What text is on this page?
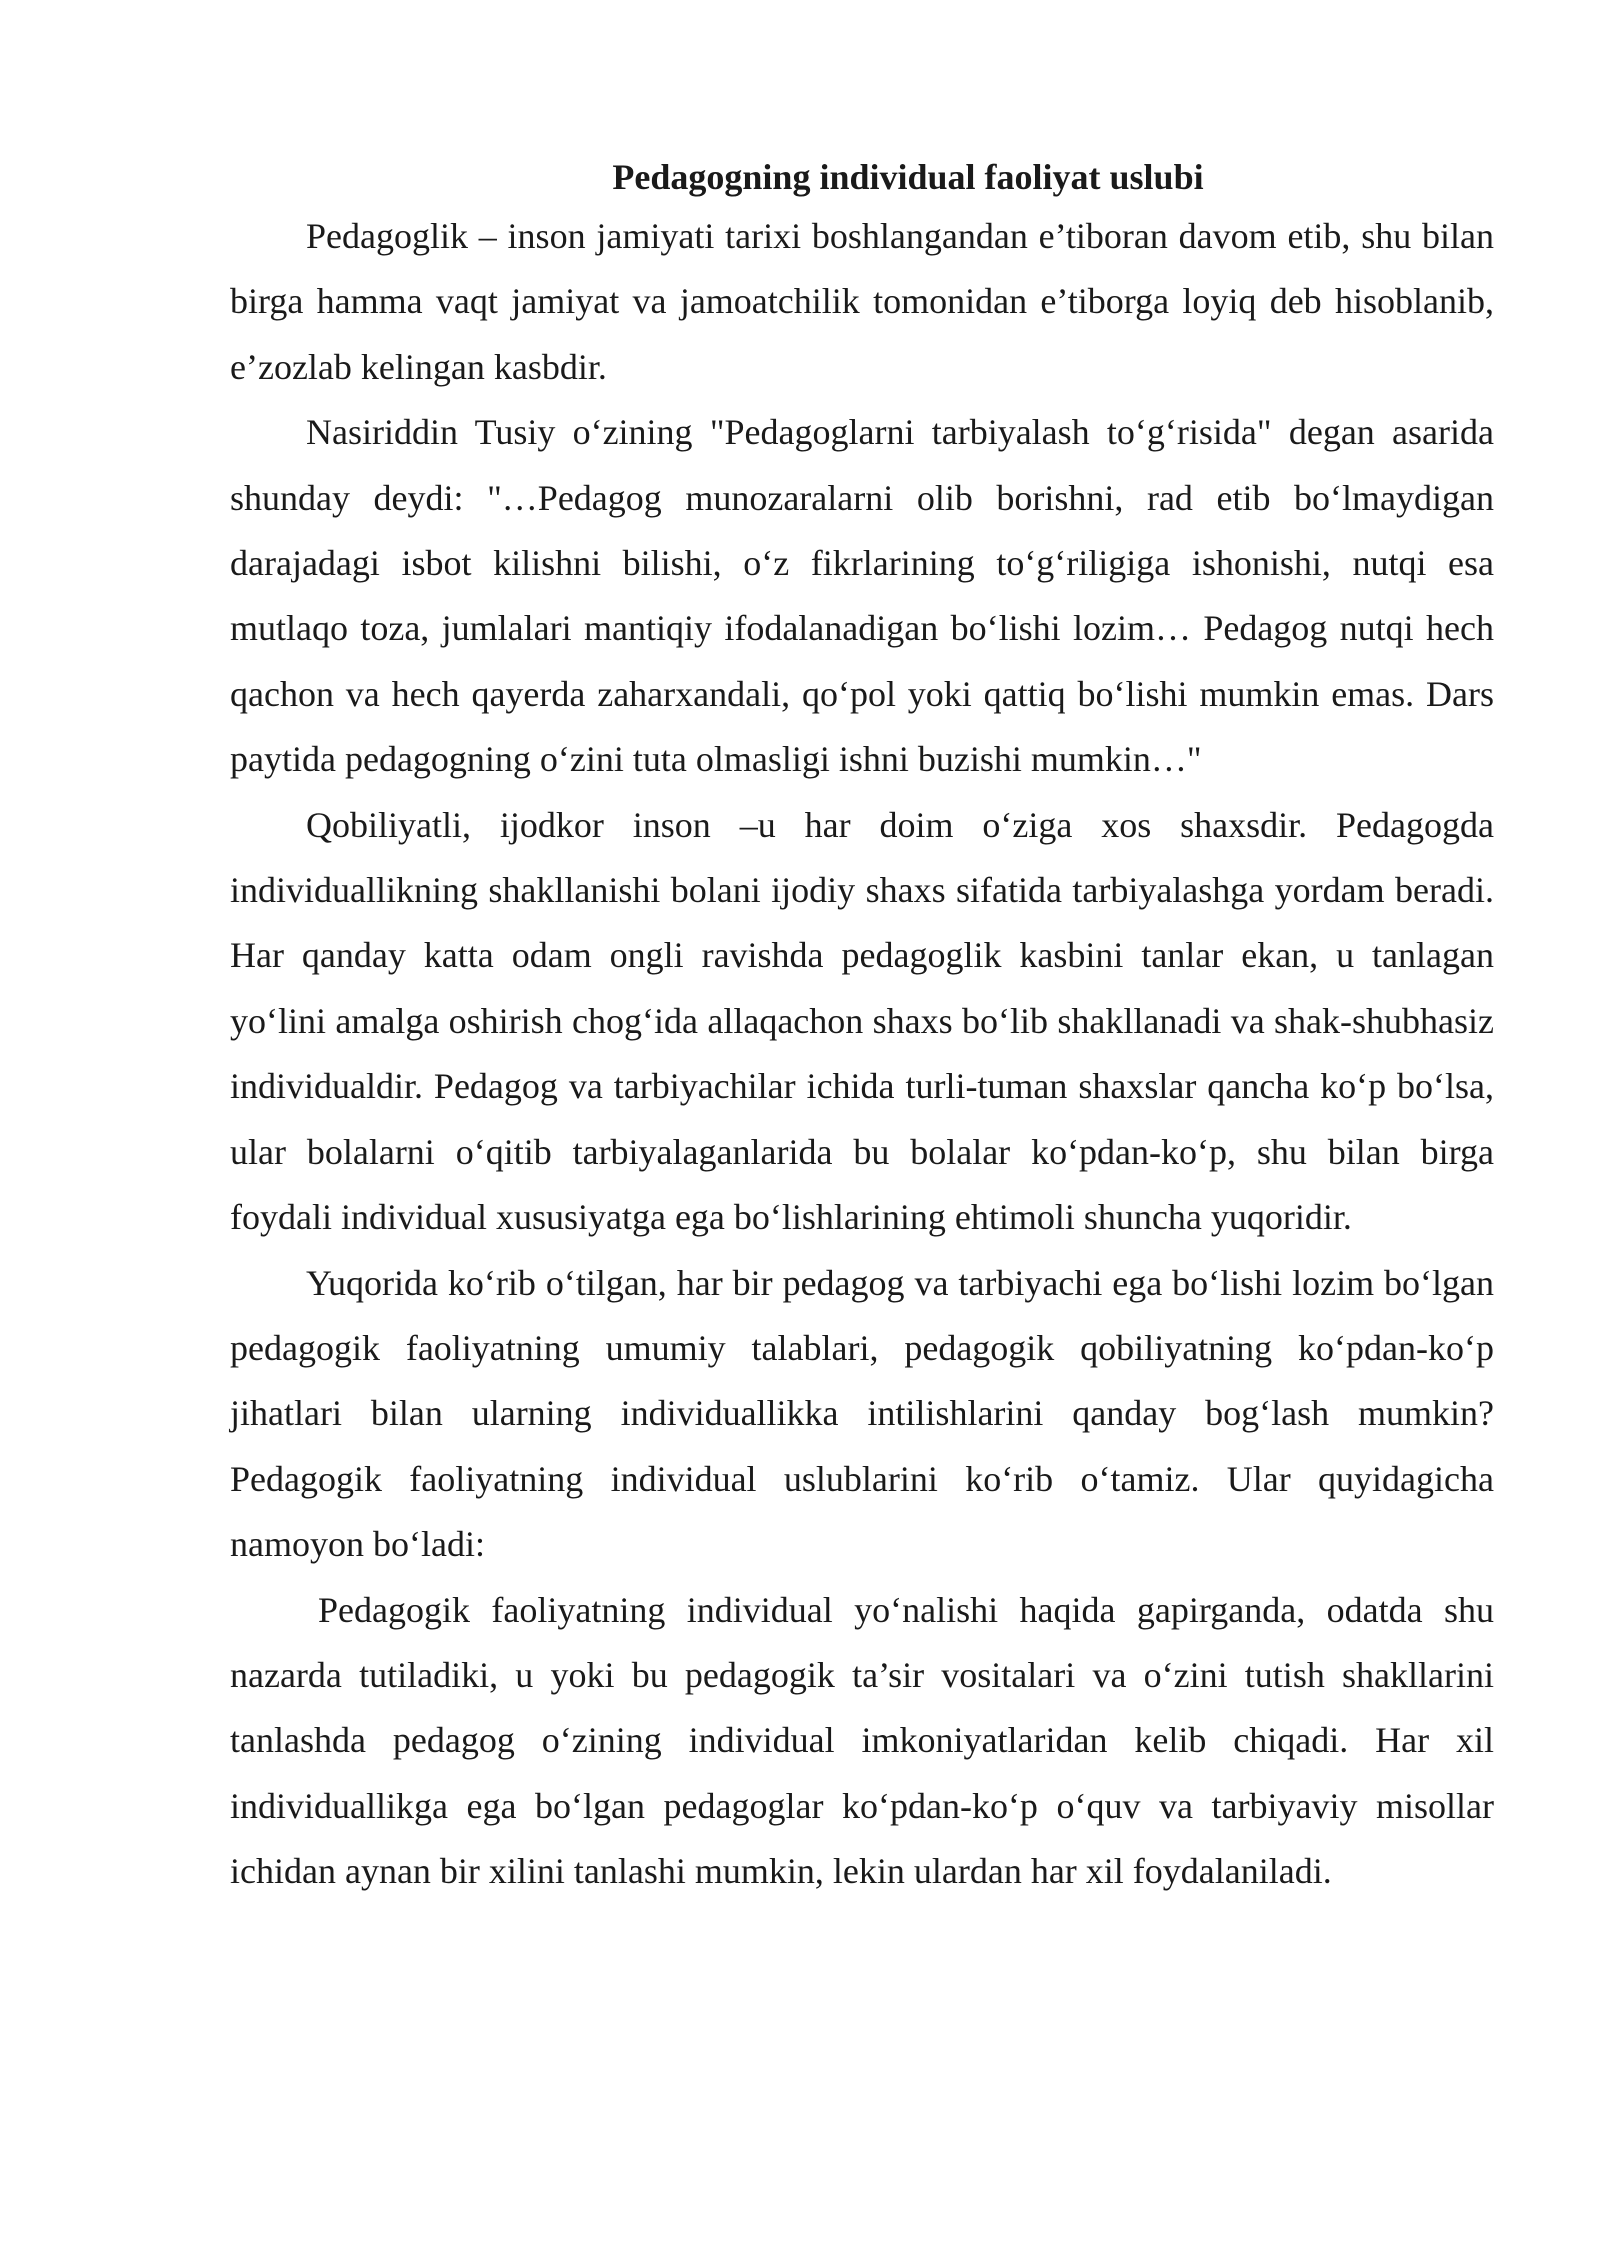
Pedagogning individual faoliyat uslubi

Pedagoglik – inson jamiyati tarixi boshlangandan e’tiboran davom etib, shu bilan birga hamma vaqt jamiyat va jamoatchilik tomonidan e’tiborga loyiq deb hisoblanib, e’zozlab kelingan kasbdir.

Nasiriddin Tusiy o‘zining "Pedagoglarni tarbiyalash to‘g‘risida" degan asarida shunday deydi: "…Pedagog munozaralarni olib borishni, rad etib bo‘lmaydigan darajadagi isbot kilishni bilishi, o‘z fikrlarining to‘g‘riligiga ishonishi, nutqi esa mutlaqo toza, jumlalari mantiqiy ifodalanadigan bo‘lishi lozim… Pedagog nutqi hech qachon va hech qayerda zaharxandali, qo‘pol yoki qattiq bo‘lishi mumkin emas. Dars paytida pedagogning o‘zini tuta olmasligi ishni buzishi mumkin…"

Qobiliyatli, ijodkor inson –u har doim o‘ziga xos shaxsdir. Pedagogda individuallikning shakllanishi bolani ijodiy shaxs sifatida tarbiyalashga yordam beradi. Har qanday katta odam ongli ravishda pedagoglik kasbini tanlar ekan, u tanlagan yo‘lini amalga oshirish chog‘ida allaqachon shaxs bo‘lib shakllanadi va shak-shubhasiz individualdir. Pedagog va tarbiyachilar ichida turli-tuman shaxslar qancha ko‘p bo‘lsa, ular bolalarni o‘qitib tarbiyalaganlarida bu bolalar ko‘pdan-ko‘p, shu bilan birga foydali individual xususiyatga ega bo‘lishlarining ehtimoli shuncha yuqoridir.

Yuqorida ko‘rib o‘tilgan, har bir pedagog va tarbiyachi ega bo‘lishi lozim bo‘lgan pedagogik faoliyatning umumiy talablari, pedagogik qobiliyatning ko‘pdan-ko‘p jihatlari bilan ularning individuallikka intilishlarini qanday bog‘lash mumkin? Pedagogik faoliyatning individual uslublarini ko‘rib o‘tamiz. Ular quyidagicha namoyon bo‘ladi:

Pedagogik faoliyatning individual yo‘nalishi haqida gapirganda, odatda shu nazarda tutiladiki, u yoki bu pedagogik ta’sir vositalari va o‘zini tutish shakllarini tanlashda pedagog o‘zining individual imkoniyatlaridan kelib chiqadi. Har xil individuallikga ega bo‘lgan pedagoglar ko‘pdan-ko‘p o‘quv va tarbiyaviy misollar ichidan aynan bir xilini tanlashi mumkin, lekin ulardan har xil foydalaniladi.
